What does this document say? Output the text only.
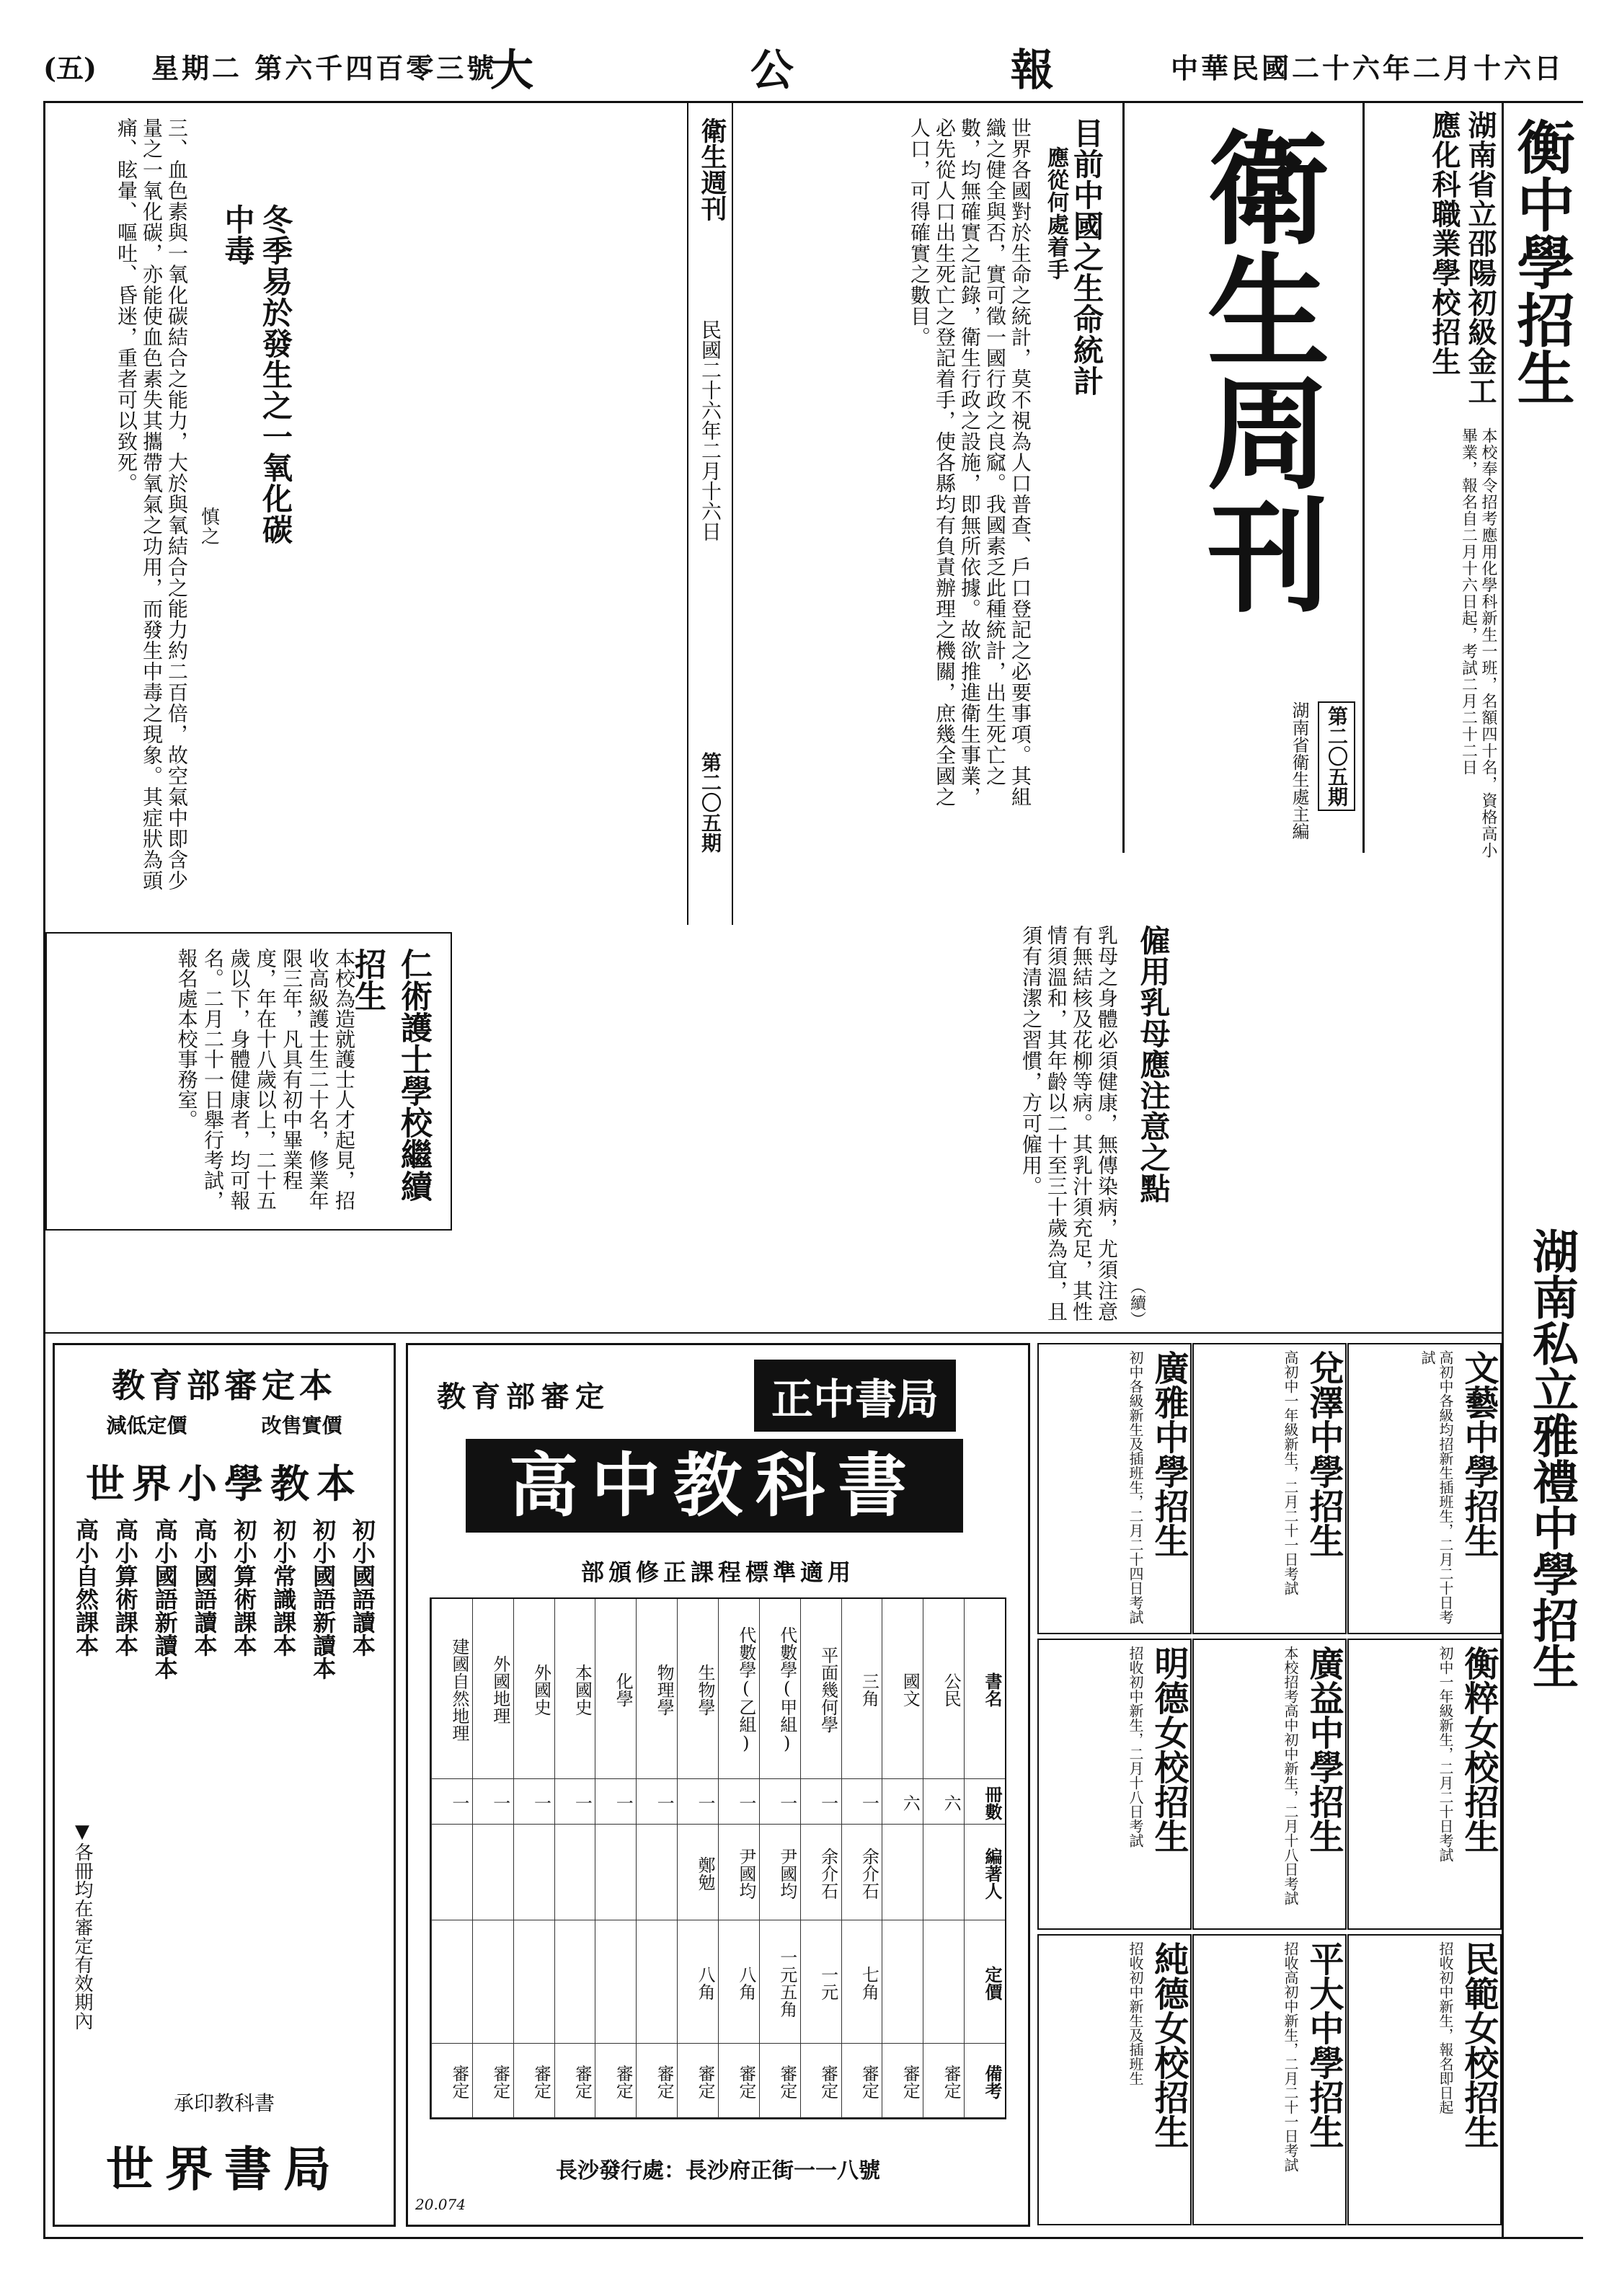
(五) 星期二 第六千四百零三號
大 公 報 中華民國二十六年二月十六日
衡中學招生
湖南私立雅禮中學招生
湖南省立邵陽初級金工應化科職業學校招生
本校奉令招考應用化學科新生一班，名額四十名，資格高小畢業，報名自二月十六日起，考試二月二十二日
衛生周刊
第二〇五期
湖南省衛生處主編
目前中國之生命統計
應從何處着手
世界各國對於生命之統計，莫不視為人口普查、戶口登記之必要事項。其組織之健全與否，實可徵一國行政之良窳。我國素乏此種統計，出生死亡之數，均無確實之記錄，衛生行政之設施，即無所依據。故欲推進衛生事業，必先從人口出生死亡之登記着手，使各縣均有負責辦理之機關，庶幾全國之人口，可得確實之數目。
衛生週刊
民國二十六年二月十六日
第二〇五期
冬季易於發生之一氧化碳中毒
慎之
三、血色素與一氧化碳結合之能力，大於與氧結合之能力約二百倍，故空氣中即含少量之一氧化碳，亦能使血色素失其攜帶氧氣之功用，而發生中毒之現象。其症狀為頭痛、眩暈、嘔吐、昏迷，重者可以致死。
僱用乳母應注意之點
（續）
乳母之身體必須健康，無傳染病，尤須注意有無結核及花柳等病。其乳汁須充足，其性情須溫和，其年齡以二十至三十歲為宜，且須有清潔之習慣，方可僱用。
仁術護士學校繼續招生
本校為造就護士人才起見，招收高級護士生二十名，修業年限三年，凡具有初中畢業程度，年在十八歲以上，二十五歲以下，身體健康者，均可報名。二月二十一日舉行考試，報名處本校事務室。
教育部審定本
減低定價	改售實價
世界小學教本
初小國語讀本
初小國語新讀本
初小常識課本
初小算術課本
高小國語讀本
高小國語新讀本
高小算術課本
高小自然課本
▼各冊均在審定有效期內
承印教科書
世界書局
正中書局
教育部審定
高中教科書
部頒修正課程標準適用
書名
冊數
編著人
定價
備考
公民
六
審定
國文
六
審定
三角
一
余介石
七角
審定
平面幾何學
一
余介石
一元
審定
代數學(甲組)
一
尹國均
一元五角
審定
代數學(乙組)
一
尹國均
八角
審定
生物學
一
鄭勉
八角
審定
物理學
一
審定
化學
一
審定
本國史
一
審定
外國史
一
審定
外國地理
一
審定
建國自然地理
一
審定
長沙發行處：長沙府正街一一八號
20.074
文藝中學招生
高初中各級均招新生插班生，二月二十日考試
兌澤中學招生
高初中一年級新生，二月二十一日考試
廣雅中學招生
初中各級新生及插班生，二月二十四日考試
衡粹女校招生
初中一年級新生，二月二十日考試
廣益中學招生
本校招考高中初中新生，二月十八日考試
明德女校招生
招收初中新生，二月十八日考試
民範女校招生
招收初中新生，報名即日起
平大中學招生
招收高初中新生，二月二十一日考試
純德女校招生
招收初中新生及插班生
